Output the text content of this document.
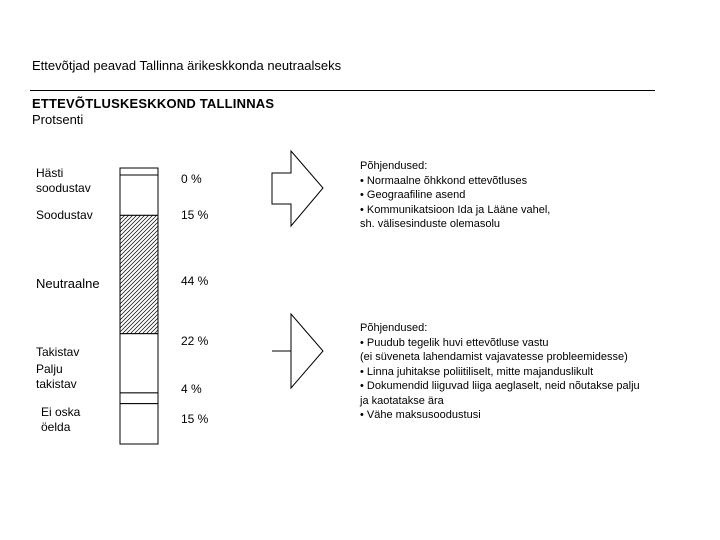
Ettevõtjad peavad Tallinna ärikeskkonda neutraalseks
ETTEVÕTLUSKESKKOND TALLINNAS
Protsenti
Hästi soodustav
Soodustav
Neutraalne
Takistav
Palju takistav
Ei oska öelda
0 %
15 %
44 %
22 %
4 %
15 %
Põhjendused:
• Normaalne õhkkond ettevõtluses
• Geograafiline asend
• Kommunikatsioon Ida ja Lääne vahel,
sh. välisesinduste olemasolu
Põhjendused:
• Puudub tegelik huvi ettevõtluse vastu
(ei süveneta lahendamist vajavatesse probleemidesse)
• Linna juhitakse poliitiliselt, mitte majanduslikult
• Dokumendid liiguvad liiga aeglaselt, neid nõutakse palju
ja kaotatakse ära
• Vähe maksusoodustusi
